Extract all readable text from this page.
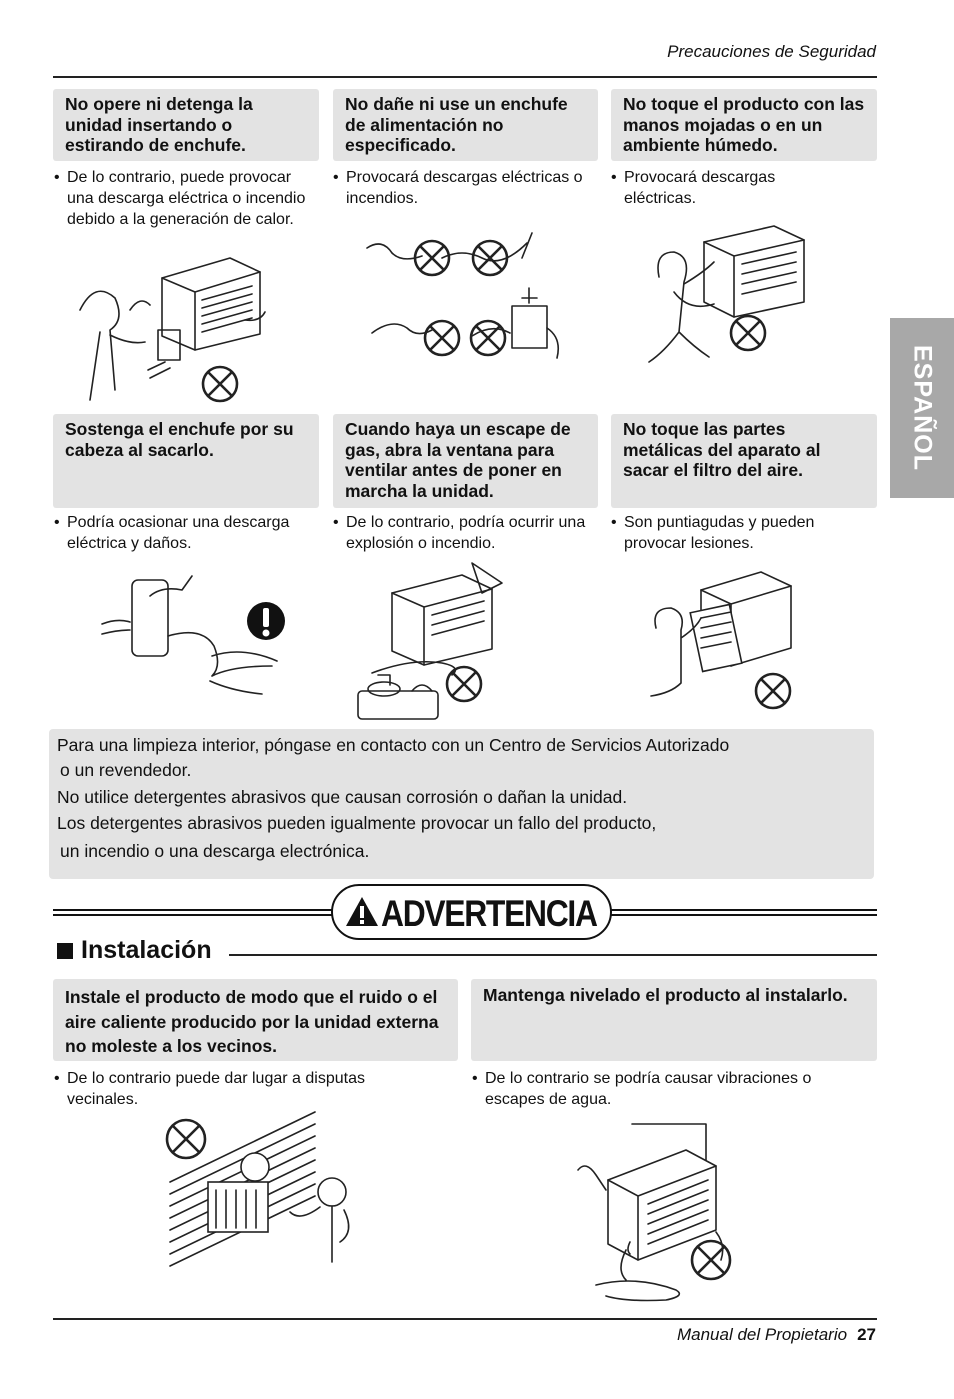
Precauciones de Seguridad
ESPAÑOL
No opere ni detenga la unidad insertando o estirando de enchufe.
No dañe ni use un enchufe de alimentación no especificado.
No toque el producto con las manos mojadas o en un ambiente húmedo.
• De lo contrario, puede provocar una descarga eléctrica o incendio debido a la generación de calor.
• Provocará descargas eléctricas o incendios.
• Provocará descargas eléctricas.
Sostenga el enchufe por su cabeza al sacarlo.
Cuando haya un escape de gas, abra la ventana para ventilar antes de poner en marcha la unidad.
No toque las partes metálicas del aparato al sacar el filtro del aire.
• Podría ocasionar una descarga eléctrica y daños.
• De lo contrario, podría ocurrir una explosión o incendio.
• Son puntiagudas y pueden provocar lesiones.

Para una limpieza interior, póngase en contacto con un Centro de Servicios Autorizado

o un revendedor.

No utilice detergentes abrasivos que causan corrosión o dañan la unidad.

Los detergentes abrasivos pueden igualmente provocar un fallo del producto,

un incendio o una descarga electrónica.

ADVERTENCIA
Instalación
Instale el producto de modo que el ruido o el aire caliente producido por la unidad externa no moleste a los vecinos.
Mantenga nivelado el producto al instalarlo.
• De lo contrario puede dar lugar a disputas vecinales.
• De lo contrario se podría causar vibraciones o escapes de agua.
Manual del Propietario 27
